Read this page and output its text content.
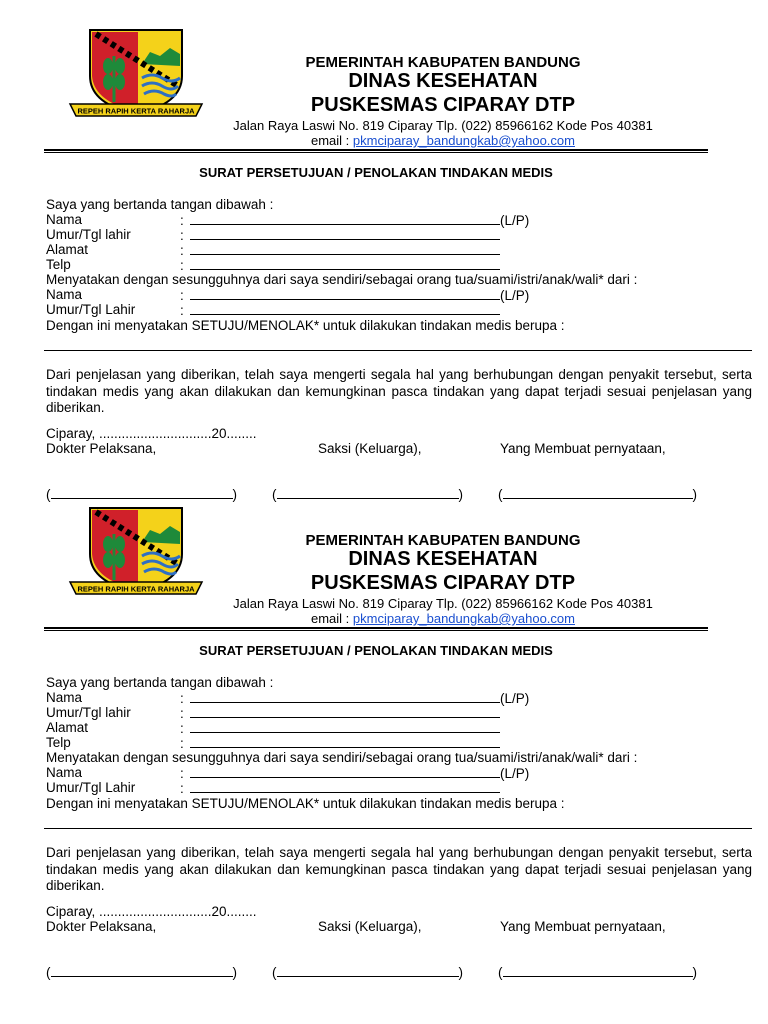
REPEH RAPIH KERTA RAHARJA
PEMERINTAH KABUPATEN BANDUNG
DINAS KESEHATAN
PUSKESMAS CIPARAY DTP
Jalan Raya Laswi No. 819 Ciparay Tlp. (022) 85966162 Kode Pos 40381
email : pkmciparay_bandungkab@yahoo.com
SURAT PERSETUJUAN / PENOLAKAN TINDAKAN MEDIS
Saya yang bertanda tangan dibawah :
Nama	:	(L/P)
Umur/Tgl lahir	:
Alamat	:
Telp	:
Menyatakan dengan sesungguhnya dari saya sendiri/sebagai orang tua/suami/istri/anak/wali* dari :
Nama	:	(L/P)
Umur/Tgl Lahir	:
Dengan ini menyatakan SETUJU/MENOLAK* untuk dilakukan tindakan medis berupa :
Dari penjelasan yang diberikan, telah saya mengerti segala hal yang berhubungan dengan penyakit tersebut, serta tindakan medis yang akan dilakukan dan kemungkinan pasca tindakan yang dapat terjadi sesuai penjelasan yang diberikan.
Ciparay, ..............................20........
Dokter Pelaksana,	Saksi (Keluarga),	Yang Membuat pernyataan,
(	)	(	)	(	)
REPEH RAPIH KERTA RAHARJA
PEMERINTAH KABUPATEN BANDUNG
DINAS KESEHATAN
PUSKESMAS CIPARAY DTP
Jalan Raya Laswi No. 819 Ciparay Tlp. (022) 85966162 Kode Pos 40381
email : pkmciparay_bandungkab@yahoo.com
SURAT PERSETUJUAN / PENOLAKAN TINDAKAN MEDIS
Saya yang bertanda tangan dibawah :
Nama	:	(L/P)
Umur/Tgl lahir	:
Alamat	:
Telp	:
Menyatakan dengan sesungguhnya dari saya sendiri/sebagai orang tua/suami/istri/anak/wali* dari :
Nama	:	(L/P)
Umur/Tgl Lahir	:
Dengan ini menyatakan SETUJU/MENOLAK* untuk dilakukan tindakan medis berupa :
Dari penjelasan yang diberikan, telah saya mengerti segala hal yang berhubungan dengan penyakit tersebut, serta tindakan medis yang akan dilakukan dan kemungkinan pasca tindakan yang dapat terjadi sesuai penjelasan yang diberikan.
Ciparay, ..............................20........
Dokter Pelaksana,	Saksi (Keluarga),	Yang Membuat pernyataan,
(	)	(	)	(	)
